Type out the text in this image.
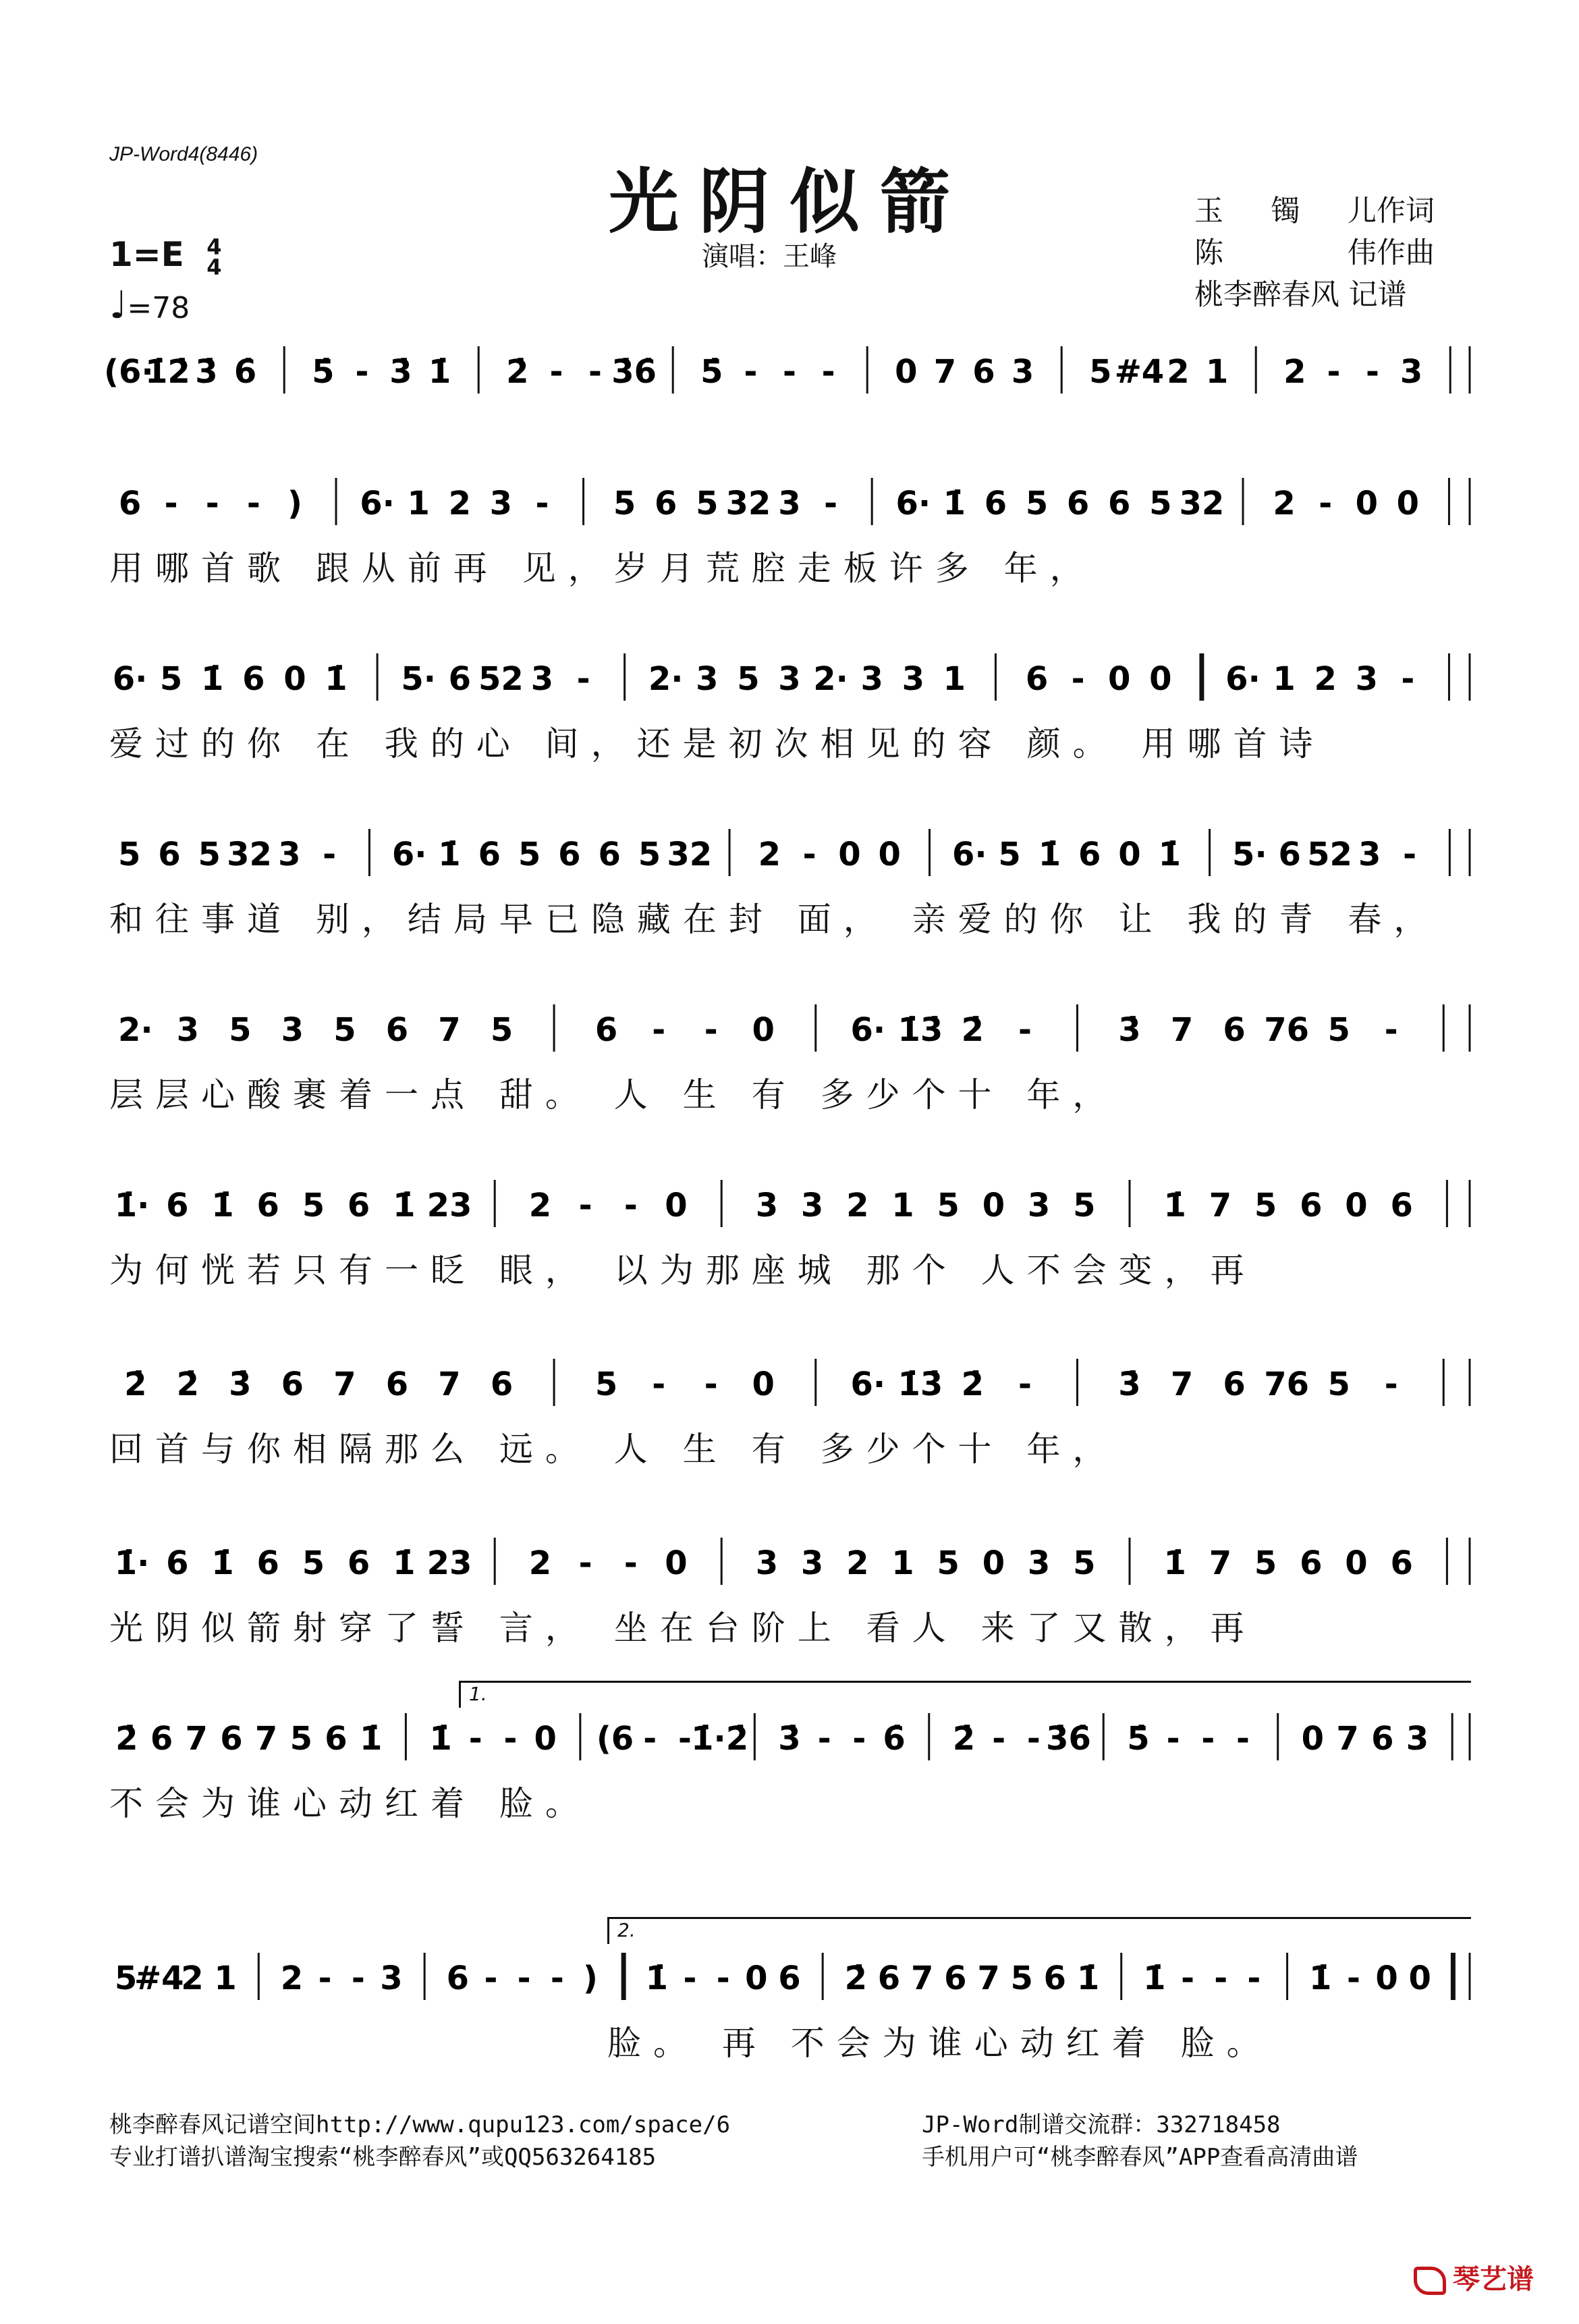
JP-Word4(8446)
光阴似箭
演唱：王峰
玉镯儿 作词
陈伟 作曲
桃李醉春风 记谱
1=E 4
4
♩=78
(6·
1̇2̇ 3̇ 6̇ 5̇ - 3̇ 1̇ 2̇ - - 3̇6̇ 5̇ - - - 0 7 6 3 5 #4 2 1 2 - - 3
6 - - - ) 6· 1 2 3 - 5 6 5 32 3 - 6· 1̇ 6 5 6 6 5 32 2 - 0 0
用哪首歌 跟从前再 见，岁月荒腔走板许多 年，
6· 5 1̇ 6 0 1̇ 5· 6 52 3 - 2· 3 5 3 2· 3 3 1 6 - 0 0 6· 1 2 3 -
爱过的你 在 我的心 间，还是初次相见的容 颜。 用哪首诗
5 6 5 32 3 - 6· 1̇ 6 5 6 6 5 32 2 - 0 0 6· 5 1̇ 6 0 1̇ 5· 6 52 3 -
和往事道 别，结局早已隐藏在封 面， 亲爱的你 让 我的青 春，
2· 3 5 3 5 6 7 5	6 - - 0 6· 1̇3̇ 2̇ -	3̇ 7 6 76 5 -
层层心酸裹着一点 甜。 人 生 有 多少个十 年，
1̇· 6 1̇ 6 5 6 1̇ 23 2 - - 0 3 3 2 1 5 0 3 5 1̇ 7 5 6 0 6
为何恍若只有一眨 眼， 以为那座城 那个 人不会变，再
2̇ 2̇ 3̇ 6 7 6 7 6	5 - - 0 6· 1̇3̇ 2̇ -	3̇ 7 6 76 5 -
回首与你相隔那么 远。 人 生 有 多少个十 年，
1̇· 6 1̇ 6 5 6 1̇ 23 2 - - 0 3 3 2 1 5 0 3 5 1̇ 7 5 6 0 6
光阴似箭射穿了誓 言， 坐在台阶上 看人 来了又散，再
2̇ 6 7 6 7 5 6 1̇ 1̇ - - 0 (6 - - 1̇·2̇ 3̇ - - 6̇ 2̇ - - 3̇6̇ 5̇ - - - 0 7 6 3
不会为谁心动红着 脸。
5
#4
2 1 2 - - 3 6 - - - ) 1̇ - - 0 6 2̇ 6 7 6 7 5 6 1̇ 1̇ - - - 1̇ - 0 0
脸。 再 不会为谁心动红着 脸。
1.
2.
桃李醉春风记谱空间http://www.qupu123.com/space/6
专业打谱扒谱淘宝搜索“桃李醉春风”或QQ563264185
JP-Word制谱交流群：332718458
手机用户可“桃李醉春风”APP查看高清曲谱
琴艺谱
